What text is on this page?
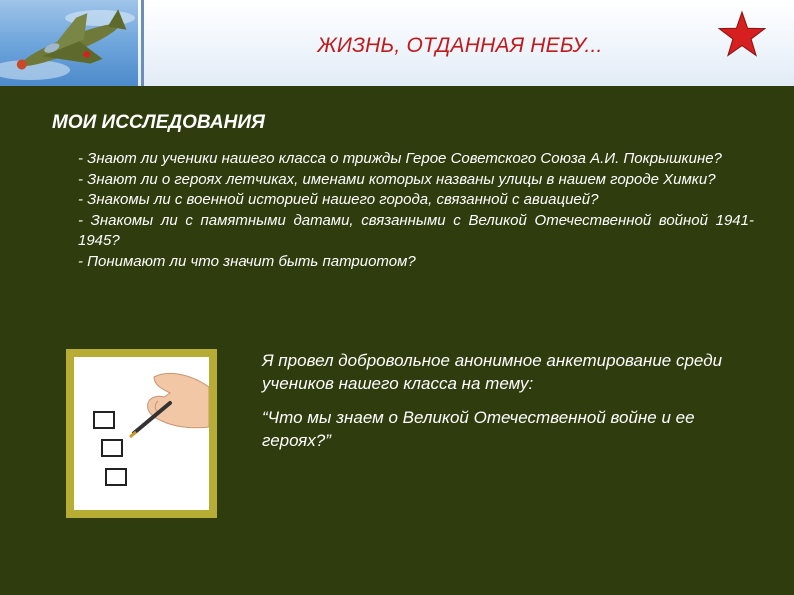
ЖИЗНЬ, ОТДАННАЯ НЕБУ...
МОИ ИССЛЕДОВАНИЯ
- Знают ли ученики нашего класса о трижды Герое Советского Союза А.И. Покрышкине?
- Знают ли о героях летчиках, именами которых названы улицы в нашем городе Химки?
- Знакомы ли с военной историей нашего города, связанной с авиацией?
- Знакомы ли с памятными датами, связанными с Великой Отечественной войной 1941-1945?
- Понимают ли что значит быть патриотом?

Я провел добровольное анонимное анкетирование среди учеников нашего класса на тему:

“Что мы знаем о Великой Отечественной войне и ее героях?”
